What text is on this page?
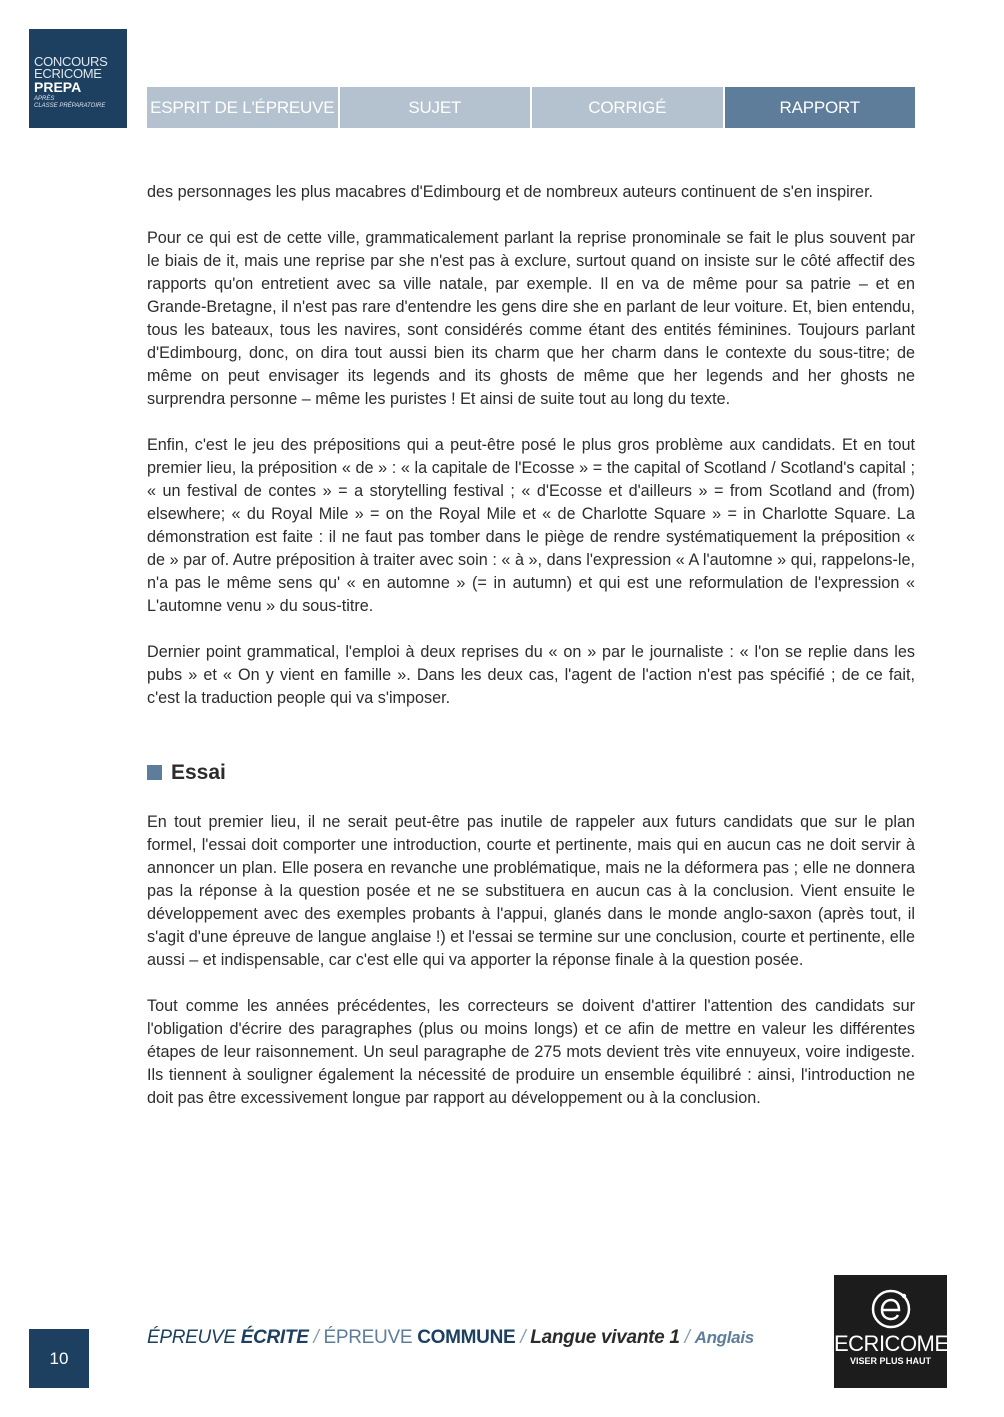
CONCOURS
ECRICOME
PREPA
APRÈS
CLASSE PRÉPARATOIRE	ESPRIT DE L'ÉPREUVE	SUJET	CORRIGÉ	RAPPORT

des personnages les plus macabres d'Edimbourg et de nombreux auteurs continuent de s'en inspirer.

Pour ce qui est de cette ville, grammaticalement parlant la reprise pronominale se fait le plus souvent par le biais de it, mais une reprise par she n'est pas à exclure, surtout quand on insiste sur le côté affectif des rapports qu'on entretient avec sa ville natale, par exemple. Il en va de même pour sa patrie – et en Grande-Bretagne, il n'est pas rare d'entendre les gens dire she en parlant de leur voiture. Et, bien entendu, tous les bateaux, tous les navires, sont considérés comme étant des entités féminines. Toujours parlant d'Edimbourg, donc, on dira tout aussi bien its charm que her charm dans le contexte du sous-titre; de même on peut envisager its legends and its ghosts de même que her legends and her ghosts ne surprendra personne – même les puristes ! Et ainsi de suite tout au long du texte.

Enfin, c'est le jeu des prépositions qui a peut-être posé le plus gros problème aux candidats. Et en tout premier lieu, la préposition « de » : « la capitale de l'Ecosse » = the capital of Scotland / Scotland's capital ; « un festival de contes » = a storytelling festival ; « d'Ecosse et d'ailleurs » = from Scotland and (from) elsewhere; « du Royal Mile » = on the Royal Mile et « de Charlotte Square » = in Charlotte Square. La démonstration est faite : il ne faut pas tomber dans le piège de rendre systématiquement la préposition « de » par of. Autre préposition à traiter avec soin : « à », dans l'expression « A l'automne » qui, rappelons-le, n'a pas le même sens qu' « en automne » (= in autumn) et qui est une reformulation de l'expression « L'automne venu » du sous-titre.

Dernier point grammatical, l'emploi à deux reprises du « on » par le journaliste : « l'on se replie dans les pubs » et « On y vient en famille ». Dans les deux cas, l'agent de l'action n'est pas spécifié ; de ce fait, c'est la traduction people qui va s'imposer.

Essai

En tout premier lieu, il ne serait peut-être pas inutile de rappeler aux futurs candidats que sur le plan formel, l'essai doit comporter une introduction, courte et pertinente, mais qui en aucun cas ne doit servir à annoncer un plan. Elle posera en revanche une problématique, mais ne la déformera pas ; elle ne donnera pas la réponse à la question posée et ne se substituera en aucun cas à la conclusion. Vient ensuite le développement avec des exemples probants à l'appui, glanés dans le monde anglo-saxon (après tout, il s'agit d'une épreuve de langue anglaise !) et l'essai se termine sur une conclusion, courte et pertinente, elle aussi – et indispensable, car c'est elle qui va apporter la réponse finale à la question posée.

Tout comme les années précédentes, les correcteurs se doivent d'attirer l'attention des candidats sur l'obligation d'écrire des paragraphes (plus ou moins longs) et ce afin de mettre en valeur les différentes étapes de leur raisonnement. Un seul paragraphe de 275 mots devient très vite ennuyeux, voire indigeste. Ils tiennent à souligner également la nécessité de produire un ensemble équilibré : ainsi, l'introduction ne doit pas être excessivement longue par rapport au développement ou à la conclusion.

10
ÉPREUVE ÉCRITE / ÉPREUVE COMMUNE / Langue vivante 1 / Anglais	ECRICOME
VISER PLUS HAUT
